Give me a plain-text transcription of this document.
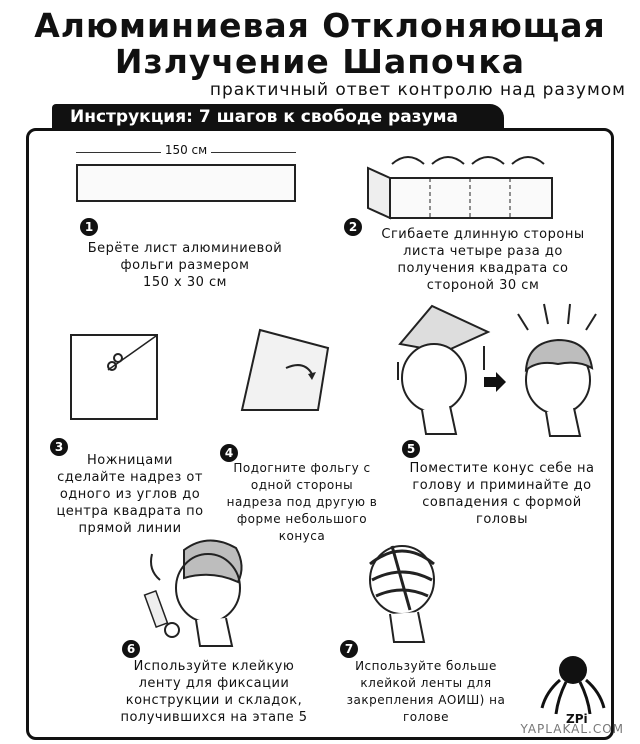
Алюминиевая Отклоняющая
Излучение Шапочка
практичный ответ контролю над разумом
Инструкция: 7 шагов к свободе разума
150 см
ZPi
1
Берёте лист алюминиевой
фольги размером
150 х 30 см
2	Сгибаете длинную стороны
листа четыре раза до
получения квадрата со
стороной 30 см
3
Ножницами
сделайте надрез от
одного из углов до
центра квадрата по
прямой линии
4
Подогните фольгу с
одной стороны
надреза под другую в
форме небольшого
конуса
5
Поместите конус себе на
голову и приминайте до
совпадения с формой
головы
6
Используйте клейкую
ленту для фиксации
конструкции и складок,
получившихся на этапе 5
7
Используйте больше
клейкой ленты для
закрепления АОИШ) на
голове
YAPLAKAL.COM
